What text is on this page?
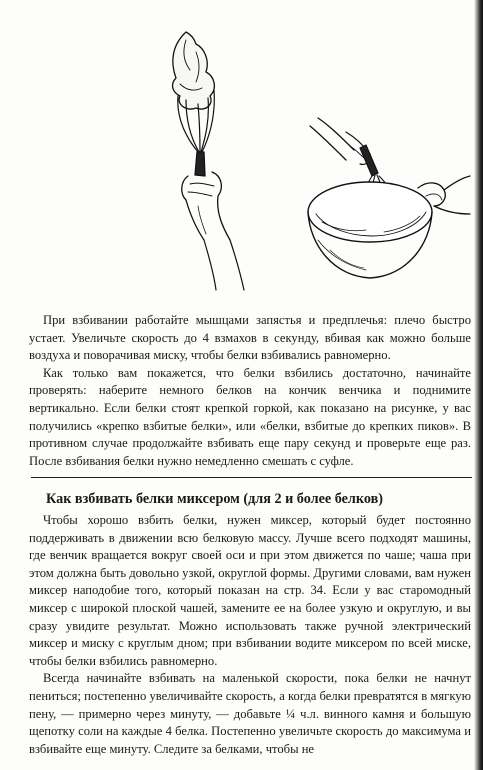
При взбивании работайте мышцами запястья и предплечья: плечо быстро устает. Увеличьте скорость до 4 взмахов в секунду, вбивая как можно больше воздуха и поворачивая миску, чтобы белки взбивались равномерно.

Как только вам покажется, что белки взбились достаточно, начинайте проверять: наберите немного белков на кончик венчика и поднимите вертикально. Если белки стоят крепкой горкой, как показано на рисунке, у вас получились «крепко взбитые белки», или «белки, взбитые до крепких пиков». В противном случае продолжайте взбивать еще пару секунд и проверьте еще раз. После взбивания белки нужно немедленно смешать с суфле.

Как взбивать белки миксером (для 2 и более белков)

Чтобы хорошо взбить белки, нужен миксер, который будет постоянно поддерживать в движении всю белковую массу. Лучше всего подходят машины, где венчик вращается вокруг своей оси и при этом движется по чаше; чаша при этом должна быть довольно узкой, округлой формы. Другими словами, вам нужен миксер наподобие того, который показан на стр. 34. Если у вас старомодный миксер с широкой плоской чашей, замените ее на более узкую и округлую, и вы сразу увидите результат. Можно использовать также ручной электрический миксер и миску с круглым дном; при взбивании водите миксером по всей миске, чтобы белки взбились равномерно.

Всегда начинайте взбивать на маленькой скорости, пока белки не начнут пениться; постепенно увеличивайте скорость, а когда белки превратятся в мягкую пену, — примерно через минуту, — добавьте ¼ ч.л. винного камня и большую щепотку соли на каждые 4 белка. Постепенно увеличьте скорость до максимума и взбивайте еще минуту. Следите за белками, чтобы не
